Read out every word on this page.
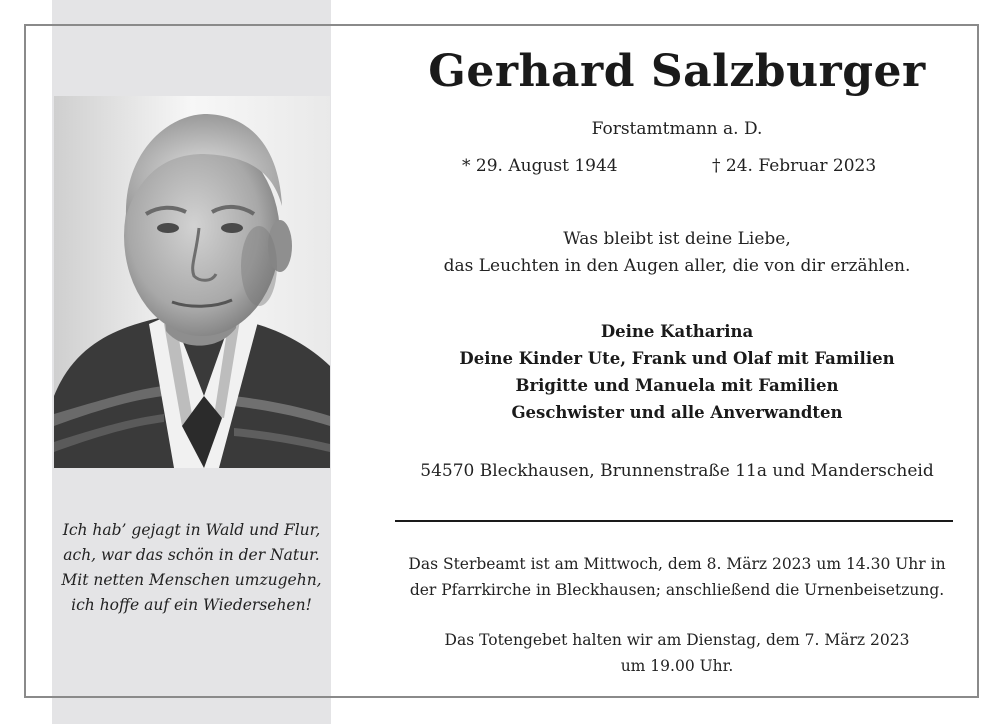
Ich hab’ gejagt in Wald und Flur,
ach, war das schön in der Natur.
Mit netten Menschen umzugehn,
ich hoffe auf ein Wiedersehen!
Gerhard Salzburger
Forstamtmann a. D.
* 29. August 1944	† 24. Februar 2023
Was bleibt ist deine Liebe,
das Leuchten in den Augen aller, die von dir erzählen.
Deine Katharina
Deine Kinder Ute, Frank und Olaf mit Familien
Brigitte und Manuela mit Familien
Geschwister und alle Anverwandten
54570 Bleckhausen, Brunnenstraße 11a und Manderscheid
Das Sterbeamt ist am Mittwoch, dem 8. März 2023 um 14.30 Uhr in
der Pfarrkirche in Bleckhausen; anschließend die Urnenbeisetzung.
Das Totengebet halten wir am Dienstag, dem 7. März 2023
um 19.00 Uhr.
